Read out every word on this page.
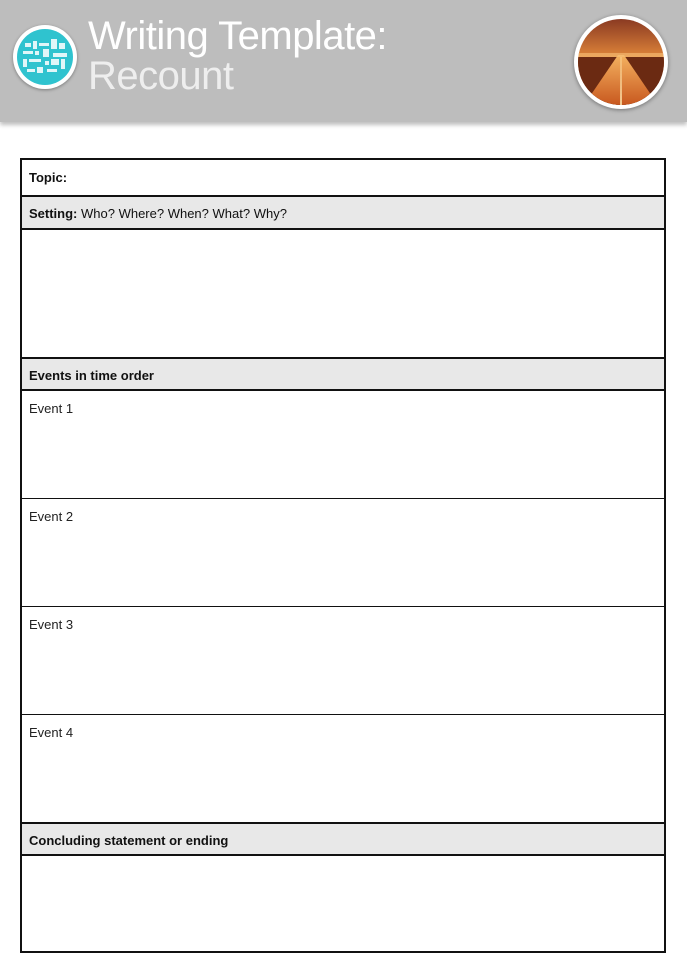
Writing Template:
Recount
Topic:
Setting: Who? Where? When? What? Why?
Events in time order
Event 1
Event 2
Event 3
Event 4
Concluding statement or ending
